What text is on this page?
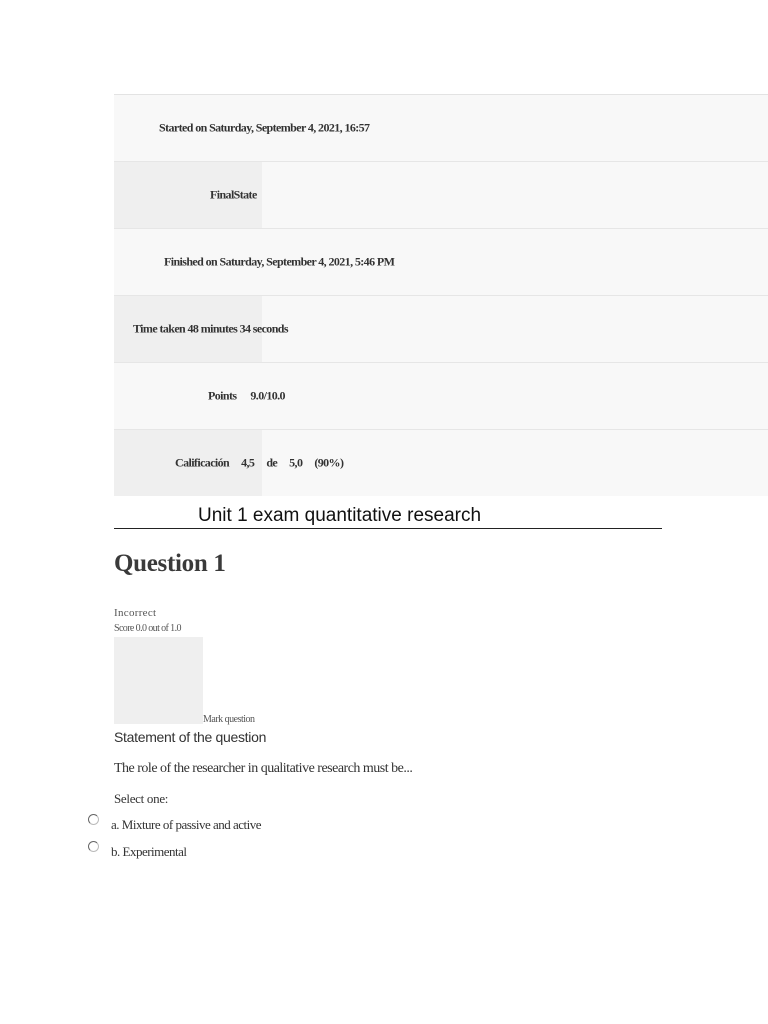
Started on Saturday, September 4, 2021, 16:57
FinalState
Finished on Saturday, September 4, 2021, 5:46 PM
Time taken 48 minutes 34 seconds
Points 9.0/10.0
Calificación 4,5 de 5,0 (90%)
Unit 1 exam quantitative research
Question 1
Incorrect
Score 0.0 out of 1.0
Mark question
Statement of the question
The role of the researcher in qualitative research must be...
Select one:
a. Mixture of passive and active
b. Experimental
